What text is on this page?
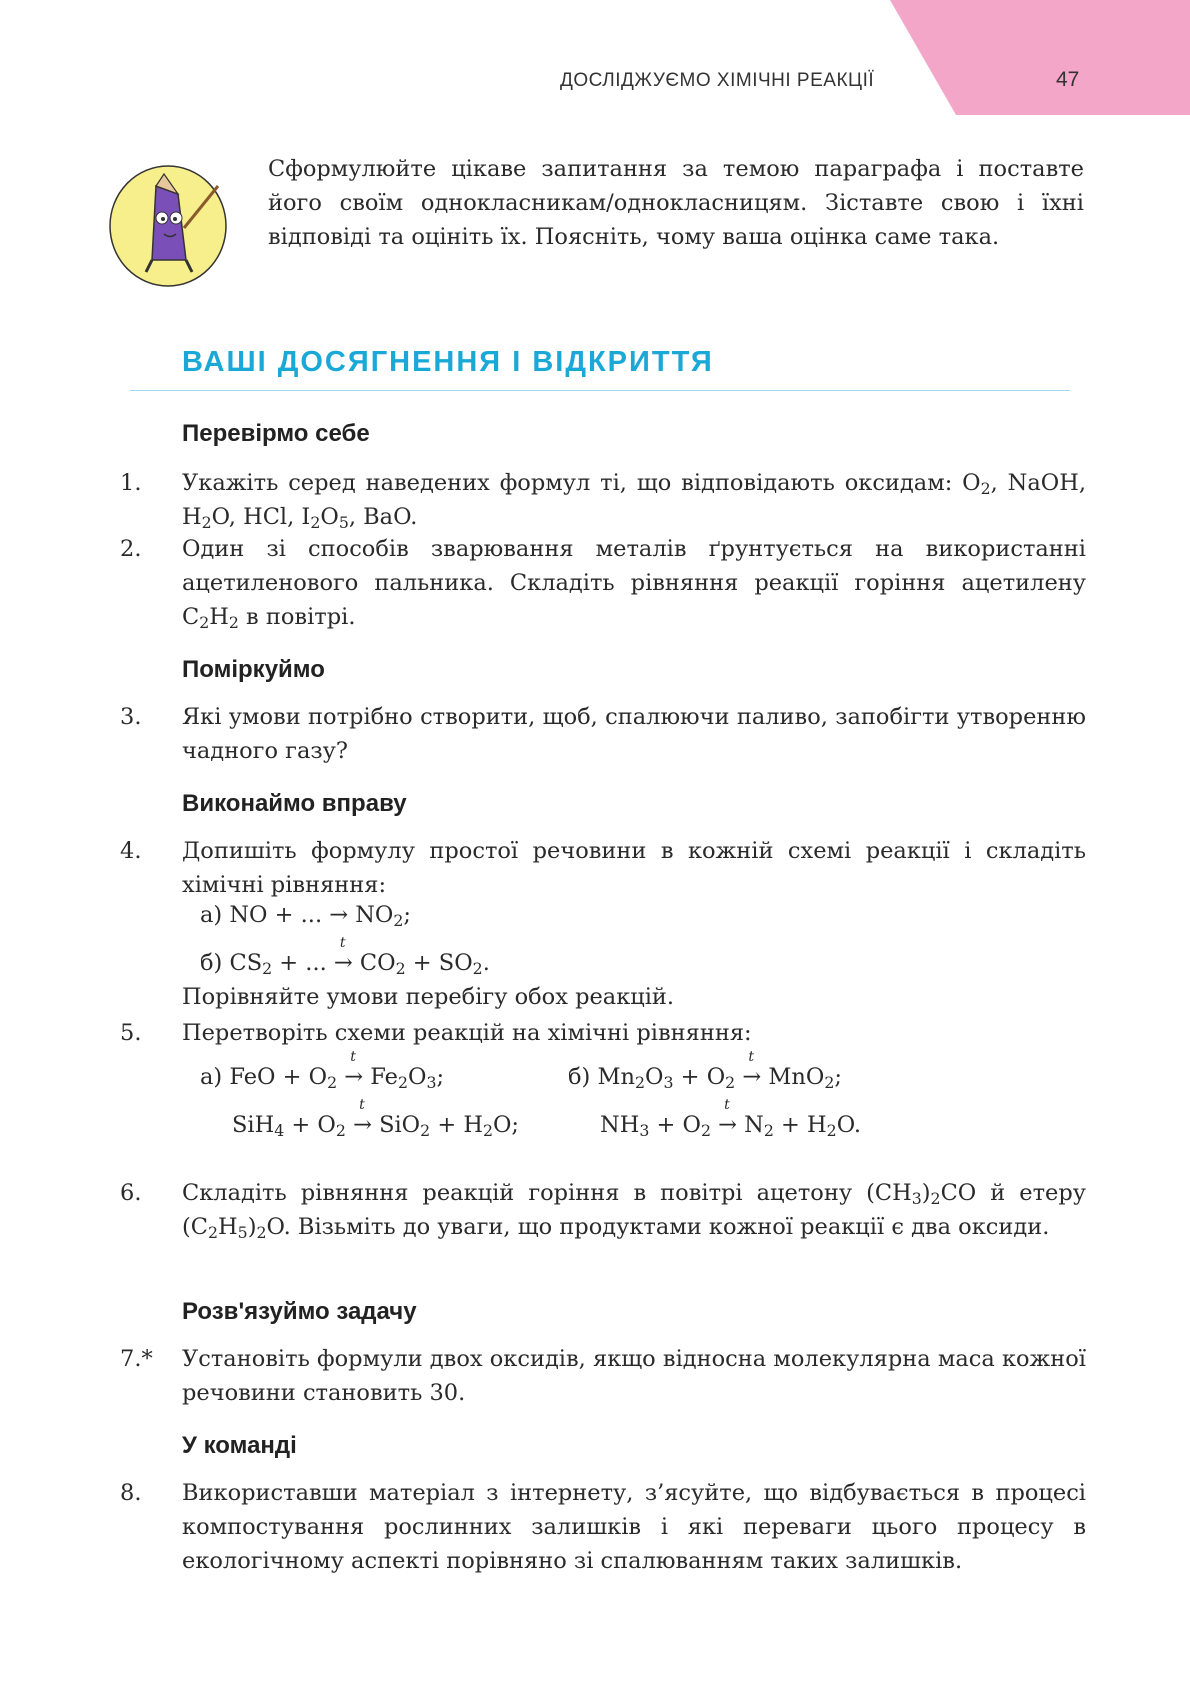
ДОСЛІДЖУЄМО ХІМІЧНІ РЕАКЦІЇ	47

Сформулюйте цікаве запитання за темою параграфа і поставте його своїм однокласникам/однокласницям. Зіставте свою і їхні відповіді та оцініть їх. Поясніть, чому ваша оцінка саме така.

ВАШІ ДОСЯГНЕННЯ І ВІДКРИТТЯ
Перевірмо себе
1. Укажіть серед наведених формул ті, що відповідають оксидам: $O_2$, NaOH, $H_2O$, HCl, $I_2O_5$, BaO.
2. Один зі способів зварювання металів ґрунтується на використанні ацетиленового пальника. Складіть рівняння реакції горіння ацетилену $C_2H_2$ в повітрі.
Поміркуймо
3. Які умови потрібно створити, щоб, спалюючи паливо, запобігти утворенню чадного газу?
Виконаймо вправу
4. Допишіть формулу простої речовини в кожній схемі реакції і складіть хімічні рівняння:
а) NO + ... → $NO_2$;
б) $CS_2$ + ... →
t
$CO_2 + SO_2$.
Порівняйте умови перебігу обох реакцій.
5. Перетворіть схеми реакцій на хімічні рівняння:
а) FeO + $O_2$ →
t
$Fe_2O_3$;	б) $Mn_2O_3 + O_2$ →
t
MnO$_2$;
$SiH_4 + O_2$ →
t
$SiO_2 + H_2O$;	$NH_3 + O_2$ →
t
$N_2 + H_2O$.
6. Складіть рівняння реакцій горіння в повітрі ацетону $(CH_3)_2CO$ й етеру $(C_2H_5)_2O$. Візьміть до уваги, що продуктами кожної реакції є два оксиди.
Розв'язуймо задачу
7.* Установіть формули двох оксидів, якщо відносна молекулярна маса кожної речовини становить 30.
У команді
8. Використавши матеріал з інтернету, з’ясуйте, що відбувається в процесі компостування рослинних залишків і які переваги цього процесу в екологічному аспекті порівняно зі спалюванням таких залишків.
